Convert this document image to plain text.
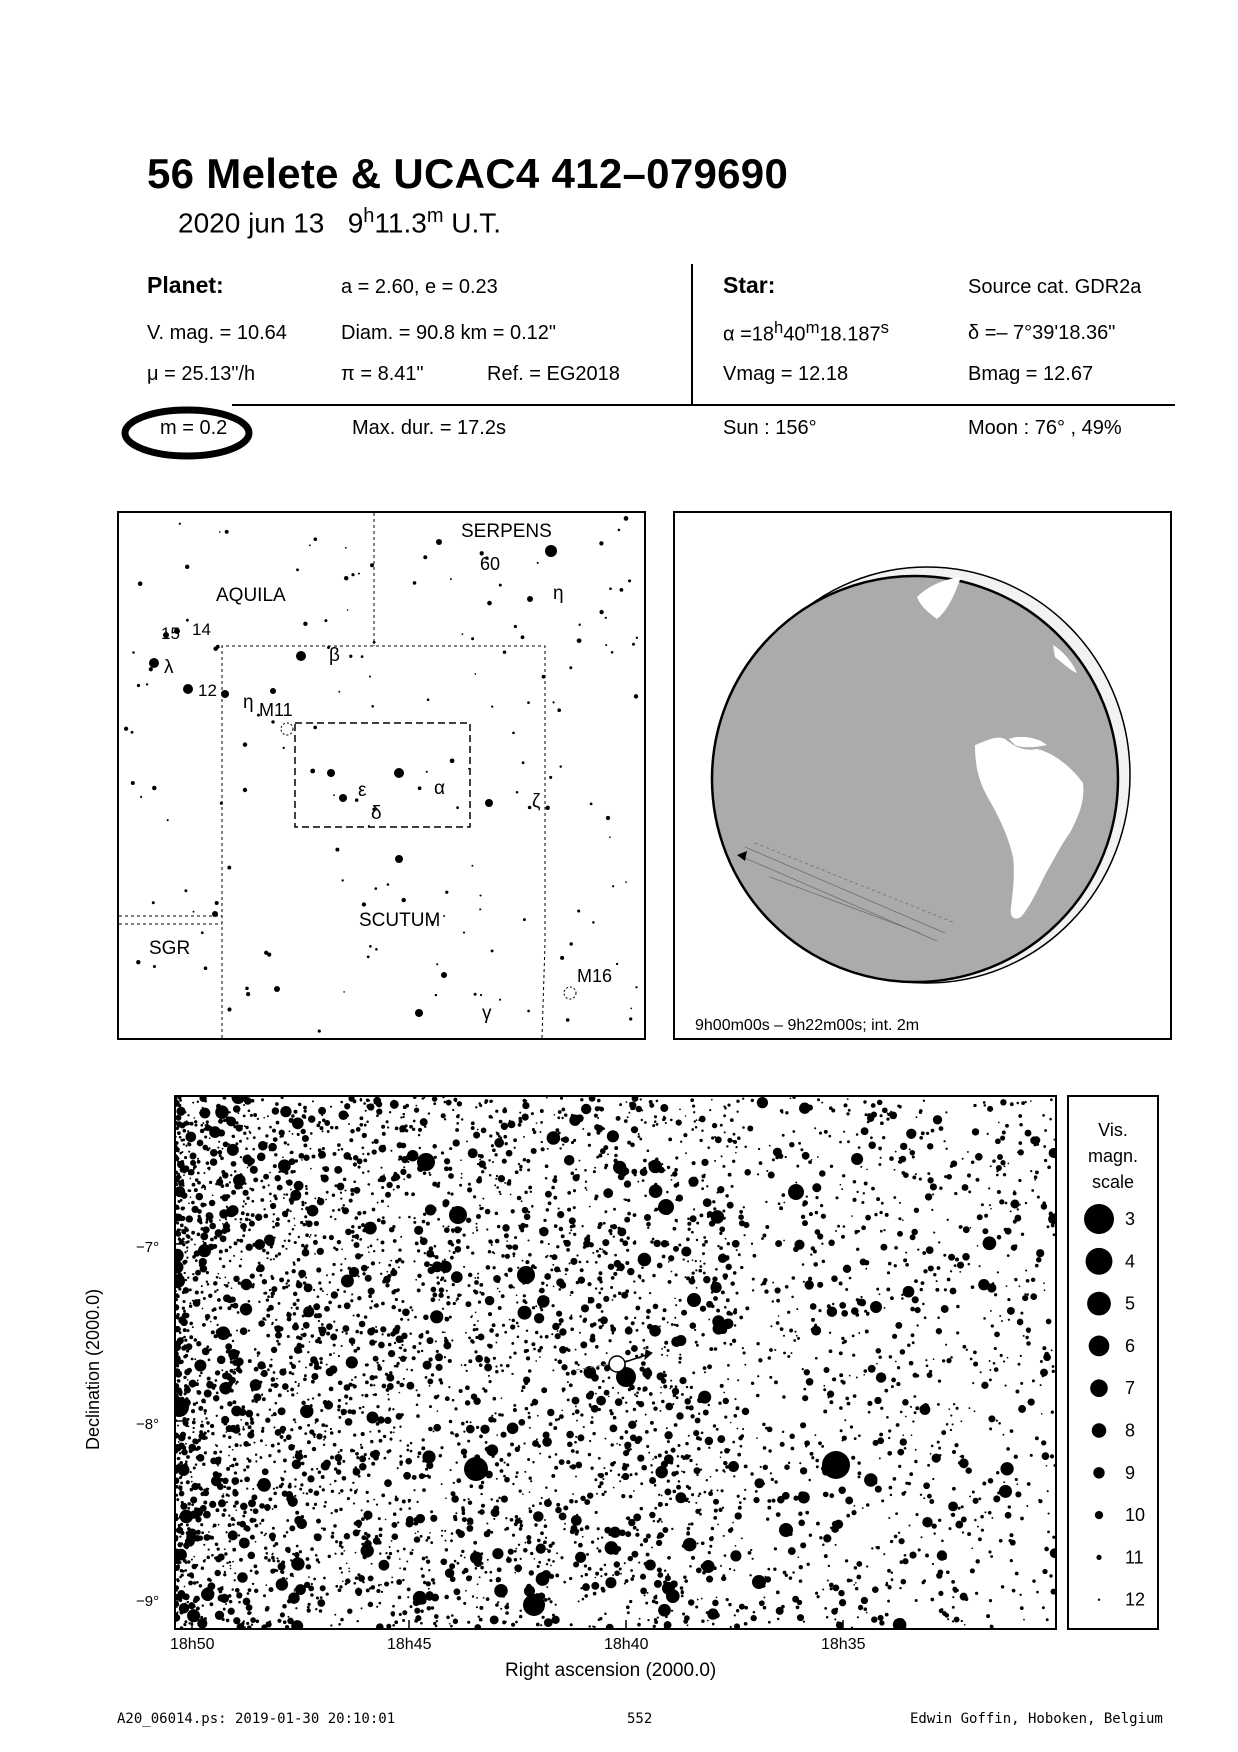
56 Melete & UCAC4 412–079690
2020 jun 13 9$^h$11.3$^m$ U.T.
Planet:	a = 2.60, e = 0.23
V. mag. = 10.64	Diam. = 90.8 km = 0.12"
μ = 25.13"/h	π = 8.41"	Ref. = EG2018
Star:	Source cat. GDR2a
$\alpha =18^h40^m18.187^s$	δ =– 7°39'18.36"
Vmag = 12.18	Bmag = 12.67
m = 0.2	Max. dur. = 17.2s	Sun : 156°	Moon : 76° , 49%
SERPENS
AQUILA
SCUTUM
SGR
M11
M16
60
15 14
12
η
η
β
λ
ε	α
δ
ζ
γ
9h00m00s – 9h22m00s; int. 2m
−7°
−8°
−9°
18h50	18h45	18h40	18h35
Right ascension (2000.0)
Declination (2000.0)
Vis.
magn.
scale
3
4
5
6
7
8
9
10
11
12
A20_06014.ps: 2019-01-30 20:10:01	552	Edwin Goffin, Hoboken, Belgium
